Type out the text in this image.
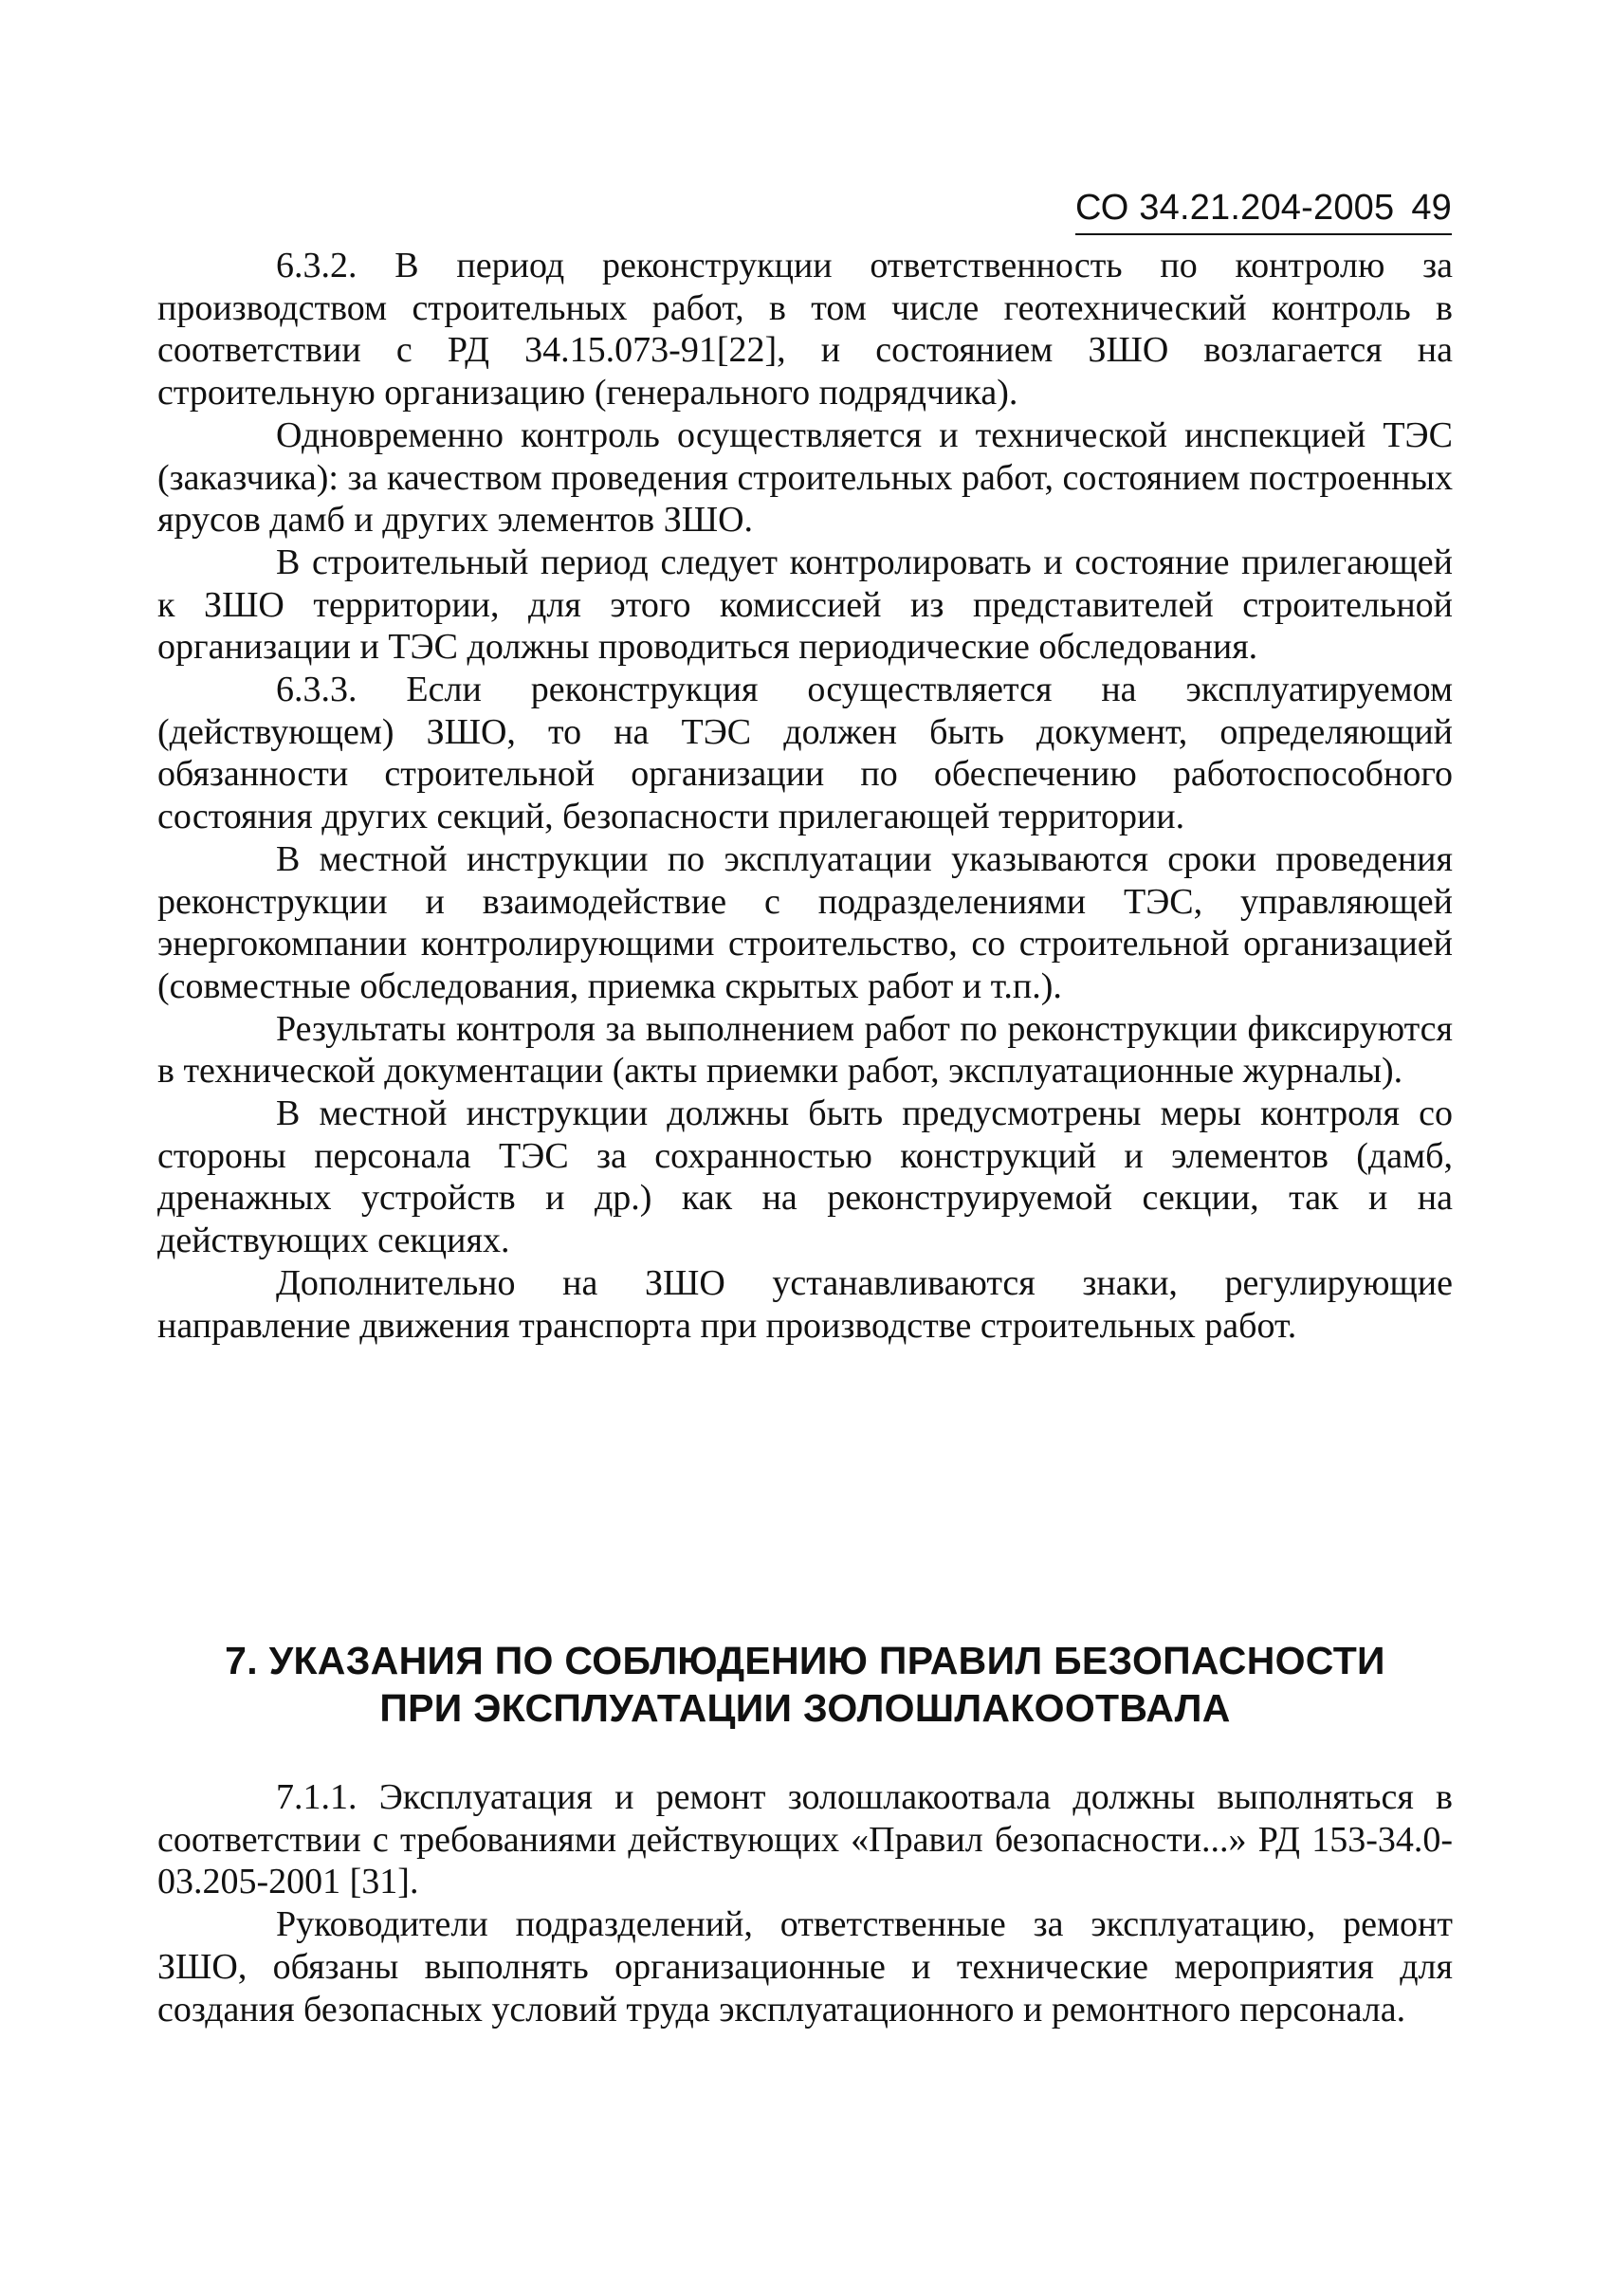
СО 34.21.204-2005 49

6.3.2. В период реконструкции ответственность по контролю за производством строительных работ, в том числе геотехнический контроль в соответствии с РД 34.15.073-91[22], и состоянием ЗШО возлагается на строительную организацию (генерального подрядчика).

Одновременно контроль осуществляется и технической инспекцией ТЭС (заказчика): за качеством проведения строительных работ, состоянием построенных ярусов дамб и других элементов ЗШО.

В строительный период следует контролировать и состояние прилегающей к ЗШО территории, для этого комиссией из представителей строительной организации и ТЭС должны проводиться периодические обследования.

6.3.3. Если реконструкция осуществляется на эксплуатируемом (действующем) ЗШО, то на ТЭС должен быть документ, определяющий обязанности строительной организации по обеспечению работоспособного состояния других секций, безопасности прилегающей территории.

В местной инструкции по эксплуатации указываются сроки проведения реконструкции и взаимодействие с подразделениями ТЭС, управляющей энергокомпании контролирующими строительство, со строительной организацией (совместные обследования, приемка скрытых работ и т.п.).

Результаты контроля за выполнением работ по реконструкции фиксируются в технической документации (акты приемки работ, эксплуатационные журналы).

В местной инструкции должны быть предусмотрены меры контроля со стороны персонала ТЭС за сохранностью конструкций и элементов (дамб, дренажных устройств и др.) как на реконструируемой секции, так и на действующих секциях.

Дополнительно на ЗШО устанавливаются знаки, регулирующие направление движения транспорта при производстве строительных работ.

7. УКАЗАНИЯ ПО СОБЛЮДЕНИЮ ПРАВИЛ БЕЗОПАСНОСТИ
ПРИ ЭКСПЛУАТАЦИИ ЗОЛОШЛАКООТВАЛА

7.1.1. Эксплуатация и ремонт золошлакоотвала должны выполняться в соответствии с требованиями действующих «Правил безопасности...» РД 153-34.0-03.205-2001 [31].

Руководители подразделений, ответственные за эксплуатацию, ремонт ЗШО, обязаны выполнять организационные и технические мероприятия для создания безопасных условий труда эксплуатационного и ремонтного персонала.
